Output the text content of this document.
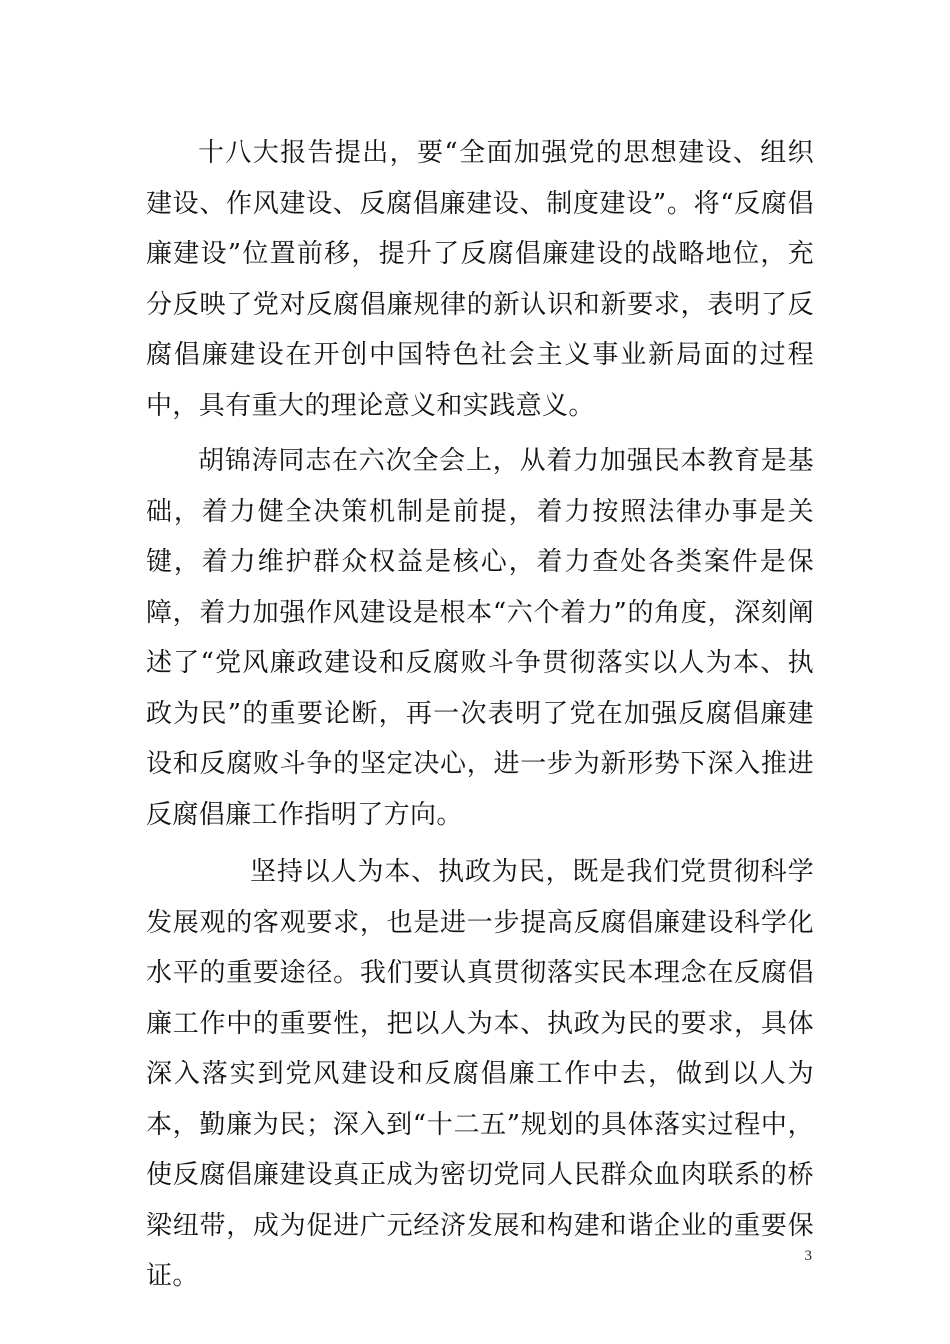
十八大报告提出，要“全面加强党的思想建设、组织建设、作风建设、反腐倡廉建设、制度建设”。将“反腐倡廉建设”位置前移，提升了反腐倡廉建设的战略地位，充分反映了党对反腐倡廉规律的新认识和新要求，表明了反腐倡廉建设在开创中国特色社会主义事业新局面的过程中，具有重大的理论意义和实践意义。

胡锦涛同志在六次全会上，从着力加强民本教育是基础，着力健全决策机制是前提，着力按照法律办事是关键，着力维护群众权益是核心，着力查处各类案件是保障，着力加强作风建设是根本“六个着力”的角度，深刻阐述了“党风廉政建设和反腐败斗争贯彻落实以人为本、执政为民”的重要论断，再一次表明了党在加强反腐倡廉建设和反腐败斗争的坚定决心，进一步为新形势下深入推进反腐倡廉工作指明了方向。

坚持以人为本、执政为民，既是我们党贯彻科学发展观的客观要求，也是进一步提高反腐倡廉建设科学化水平的重要途径。我们要认真贯彻落实民本理念在反腐倡廉工作中的重要性，把以人为本、执政为民的要求，具体深入落实到党风建设和反腐倡廉工作中去，做到以人为本，勤廉为民；深入到“十二五”规划的具体落实过程中，使反腐倡廉建设真正成为密切党同人民群众血肉联系的桥梁纽带，成为促进广元经济发展和构建和谐企业的重要保证。

3
